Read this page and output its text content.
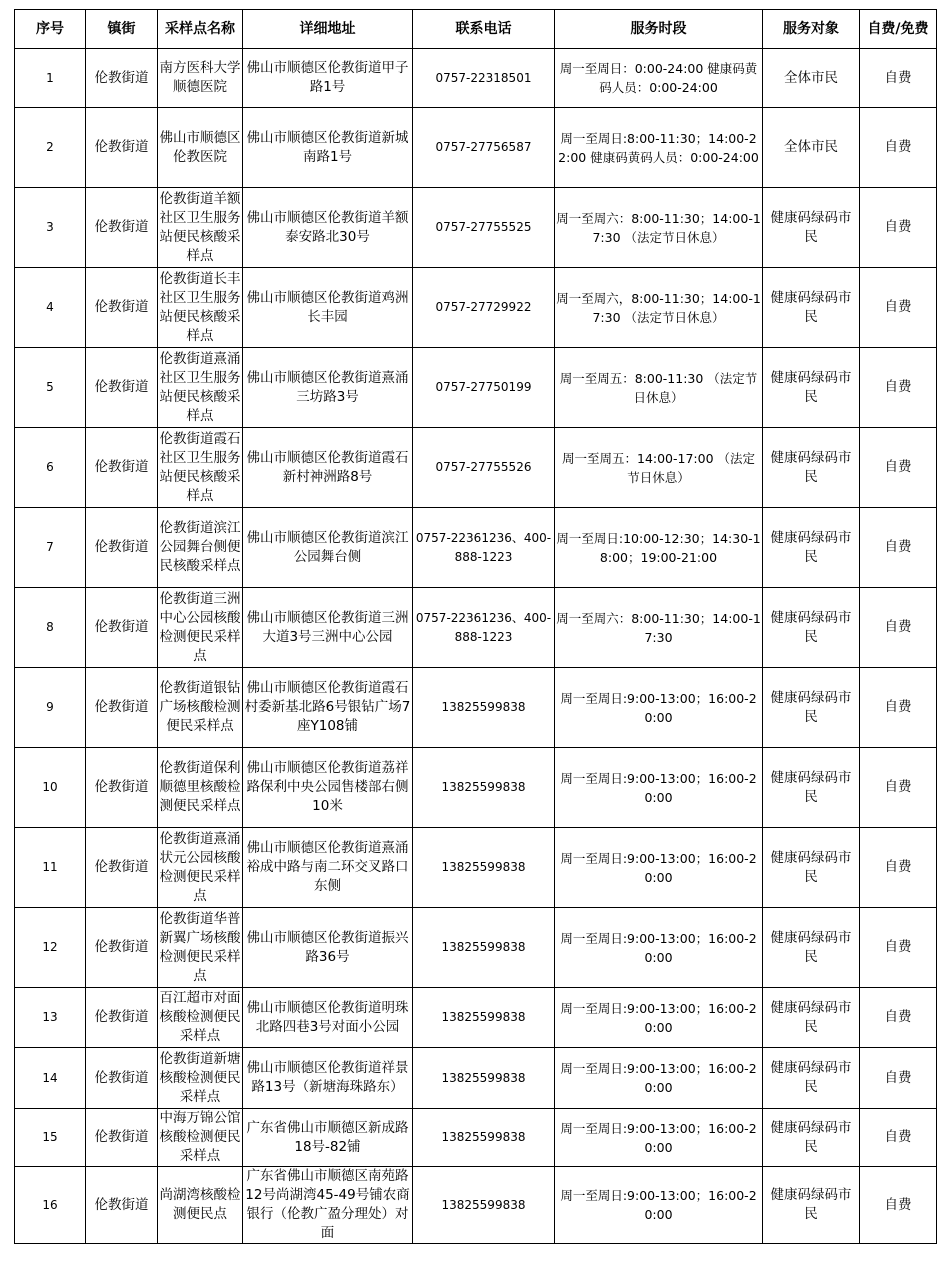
序号	镇街	采样点名称	详细地址	联系电话	服务时段	服务对象	自费/免费
1	伦教街道	南方医科大学顺德医院	佛山市顺德区伦教街道甲子路1号	0757-22318501	周一至周日：0:00-24:00 健康码黄码人员：0:00-24:00	全体市民	自费
2	伦教街道	佛山市顺德区伦教医院	佛山市顺德区伦教街道新城南路1号	0757-27756587	周一至周日:8:00-11:30；14:00-22:00 健康码黄码人员：0:00-24:00	全体市民	自费
3	伦教街道	伦教街道羊额社区卫生服务站便民核酸采样点	佛山市顺德区伦教街道羊额泰安路北30号	0757-27755525	周一至周六：8:00-11:30；14:00-17:30 （法定节日休息）	健康码绿码市民	自费
4	伦教街道	伦教街道长丰社区卫生服务站便民核酸采样点	佛山市顺德区伦教街道鸡洲长丰园	0757-27729922	周一至周六，8:00-11:30；14:00-17:30 （法定节日休息）	健康码绿码市民	自费
5	伦教街道	伦教街道熹涌社区卫生服务站便民核酸采样点	佛山市顺德区伦教街道熹涌三坊路3号	0757-27750199	周一至周五：8:00-11:30 （法定节日休息）	健康码绿码市民	自费
6	伦教街道	伦教街道霞石社区卫生服务站便民核酸采样点	佛山市顺德区伦教街道霞石新村神洲路8号	0757-27755526	周一至周五：14:00-17:00 （法定节日休息）	健康码绿码市民	自费
7	伦教街道	伦教街道滨江公园舞台侧便民核酸采样点	佛山市顺德区伦教街道滨江公园舞台侧	0757-22361236、400-888-1223	周一至周日:10:00-12:30；14:30-18:00；19:00-21:00	健康码绿码市民	自费
8	伦教街道	伦教街道三洲中心公园核酸检测便民采样点	佛山市顺德区伦教街道三洲大道3号三洲中心公园	0757-22361236、400-888-1223	周一至周六：8:00-11:30；14:00-17:30	健康码绿码市民	自费
9	伦教街道	伦教街道银钻广场核酸检测便民采样点	佛山市顺德区伦教街道霞石村委新基北路6号银钻广场7座Y108铺	13825599838	周一至周日:9:00-13:00；16:00-20:00	健康码绿码市民	自费
10	伦教街道	伦教街道保利顺德里核酸检测便民采样点	佛山市顺德区伦教街道荔祥路保利中央公园售楼部右侧10米	13825599838	周一至周日:9:00-13:00；16:00-20:00	健康码绿码市民	自费
11	伦教街道	伦教街道熹涌状元公园核酸检测便民采样点	佛山市顺德区伦教街道熹涌裕成中路与南二环交叉路口东侧	13825599838	周一至周日:9:00-13:00；16:00-20:00	健康码绿码市民	自费
12	伦教街道	伦教街道华普新翼广场核酸检测便民采样点	佛山市顺德区伦教街道振兴路36号	13825599838	周一至周日:9:00-13:00；16:00-20:00	健康码绿码市民	自费
13	伦教街道	百江超市对面核酸检测便民采样点	佛山市顺德区伦教街道明珠北路四巷3号对面小公园	13825599838	周一至周日:9:00-13:00；16:00-20:00	健康码绿码市民	自费
14	伦教街道	伦教街道新塘核酸检测便民采样点	佛山市顺德区伦教街道祥景路13号（新塘海珠路东）	13825599838	周一至周日:9:00-13:00；16:00-20:00	健康码绿码市民	自费
15	伦教街道	中海万锦公馆核酸检测便民采样点	广东省佛山市顺德区新成路18号-82铺	13825599838	周一至周日:9:00-13:00；16:00-20:00	健康码绿码市民	自费
16	伦教街道	尚湖湾核酸检测便民点	广东省佛山市顺德区南苑路12号尚湖湾45-49号铺农商银行（伦教广盈分理处）对面	13825599838	周一至周日:9:00-13:00；16:00-20:00	健康码绿码市民	自费
